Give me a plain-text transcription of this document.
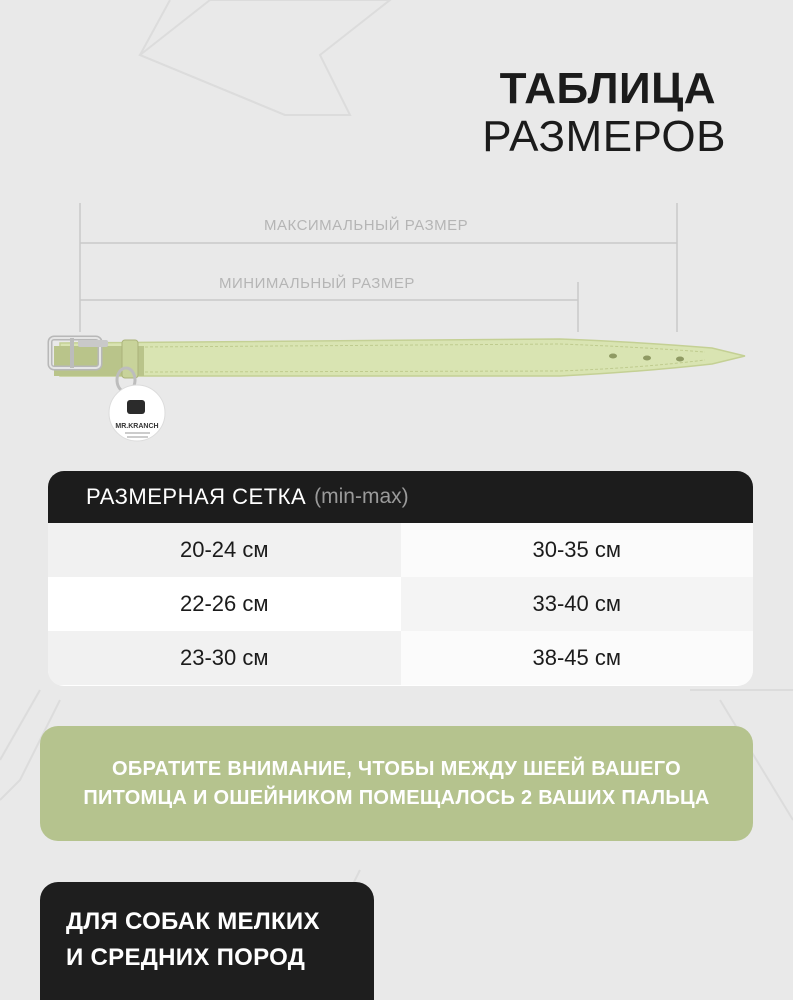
ТАБЛИЦА
РАЗМЕРОВ
МАКСИМАЛЬНЫЙ РАЗМЕР
МИНИМАЛЬНЫЙ РАЗМЕР
MR.KRANCH
РАЗМЕРНАЯ СЕТКА (min-max)
20-24 см	30-35 см
22-26 см	33-40 см
23-30 см	38-45 см
ОБРАТИТЕ ВНИМАНИЕ, ЧТОБЫ МЕЖДУ ШЕЕЙ ВАШЕГО
ПИТОМЦА И ОШЕЙНИКОМ ПОМЕЩАЛОСЬ 2 ВАШИХ ПАЛЬЦА
ДЛЯ СОБАК МЕЛКИХ
И СРЕДНИХ ПОРОД
